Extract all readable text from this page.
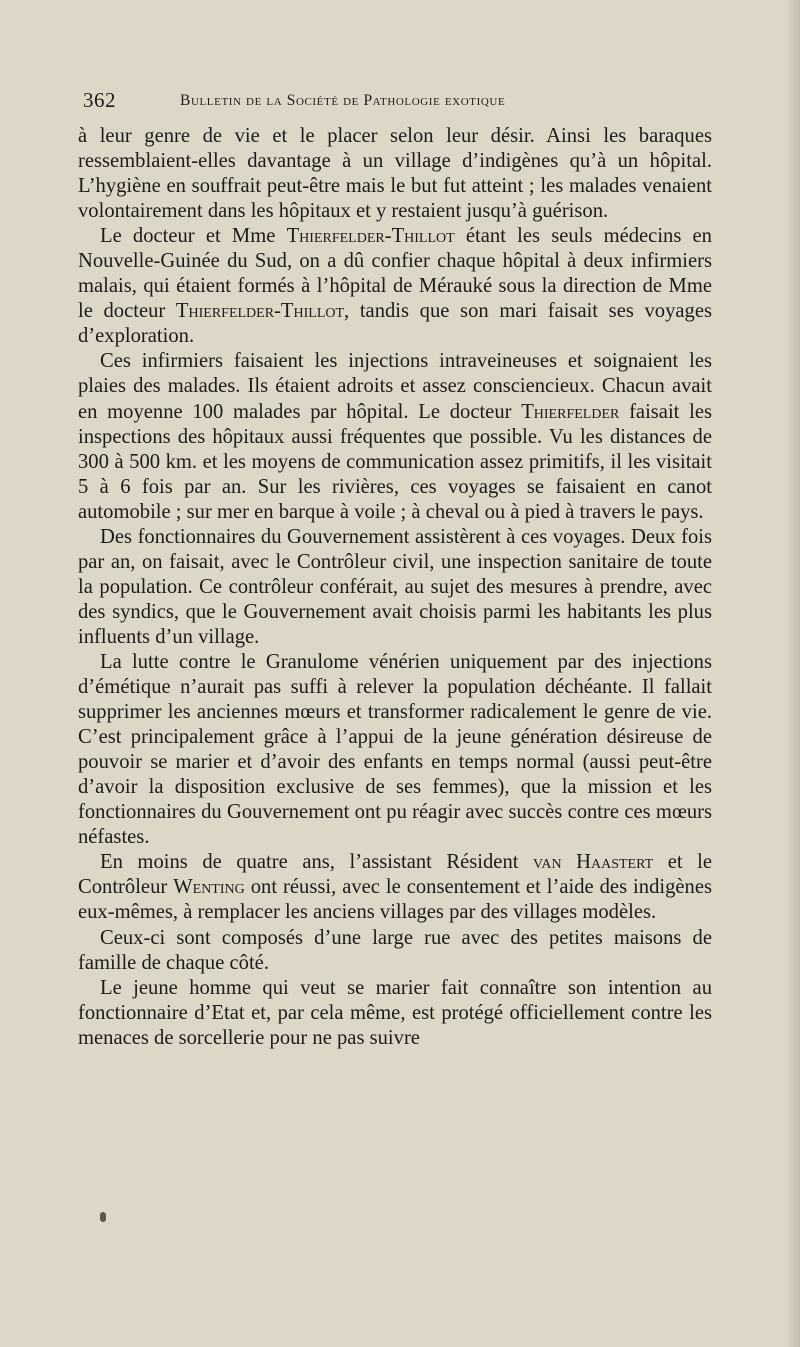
362	Bulletin de la Société de Pathologie exotique

à leur genre de vie et le placer selon leur désir. Ainsi les baraques ressemblaient-elles davantage à un village d’indigènes qu’à un hôpital. L’hygiène en souffrait peut-être mais le but fut atteint ; les malades venaient volontairement dans les hôpitaux et y restaient jusqu’à guérison.

Le docteur et Mme Thierfelder-Thillot étant les seuls médecins en Nouvelle-Guinée du Sud, on a dû confier chaque hôpital à deux infirmiers malais, qui étaient formés à l’hôpital de Mérauké sous la direction de Mme le docteur Thierfelder-Thillot, tandis que son mari faisait ses voyages d’exploration.

Ces infirmiers faisaient les injections intraveineuses et soignaient les plaies des malades. Ils étaient adroits et assez consciencieux. Chacun avait en moyenne 100 malades par hôpital. Le docteur Thierfelder faisait les inspections des hôpitaux aussi fréquentes que possible. Vu les distances de 300 à 500 km. et les moyens de communication assez primitifs, il les visitait 5 à 6 fois par an. Sur les rivières, ces voyages se faisaient en canot automobile ; sur mer en barque à voile ; à cheval ou à pied à travers le pays.

Des fonctionnaires du Gouvernement assistèrent à ces voyages. Deux fois par an, on faisait, avec le Contrôleur civil, une inspection sanitaire de toute la population. Ce contrôleur conférait, au sujet des mesures à prendre, avec des syndics, que le Gouvernement avait choisis parmi les habitants les plus influents d’un village.

La lutte contre le Granulome vénérien uniquement par des injections d’émétique n’aurait pas suffi à relever la population déchéante. Il fallait supprimer les anciennes mœurs et transformer radicalement le genre de vie. C’est principalement grâce à l’appui de la jeune génération désireuse de pouvoir se marier et d’avoir des enfants en temps normal (aussi peut-être d’avoir la disposition exclusive de ses femmes), que la mission et les fonctionnaires du Gouvernement ont pu réagir avec succès contre ces mœurs néfastes.

En moins de quatre ans, l’assistant Résident van Haastert et le Contrôleur Wenting ont réussi, avec le consentement et l’aide des indigènes eux-mêmes, à remplacer les anciens villages par des villages modèles.

Ceux-ci sont composés d’une large rue avec des petites maisons de famille de chaque côté.

Le jeune homme qui veut se marier fait connaître son intention au fonctionnaire d’Etat et, par cela même, est protégé officiellement contre les menaces de sorcellerie pour ne pas suivre
